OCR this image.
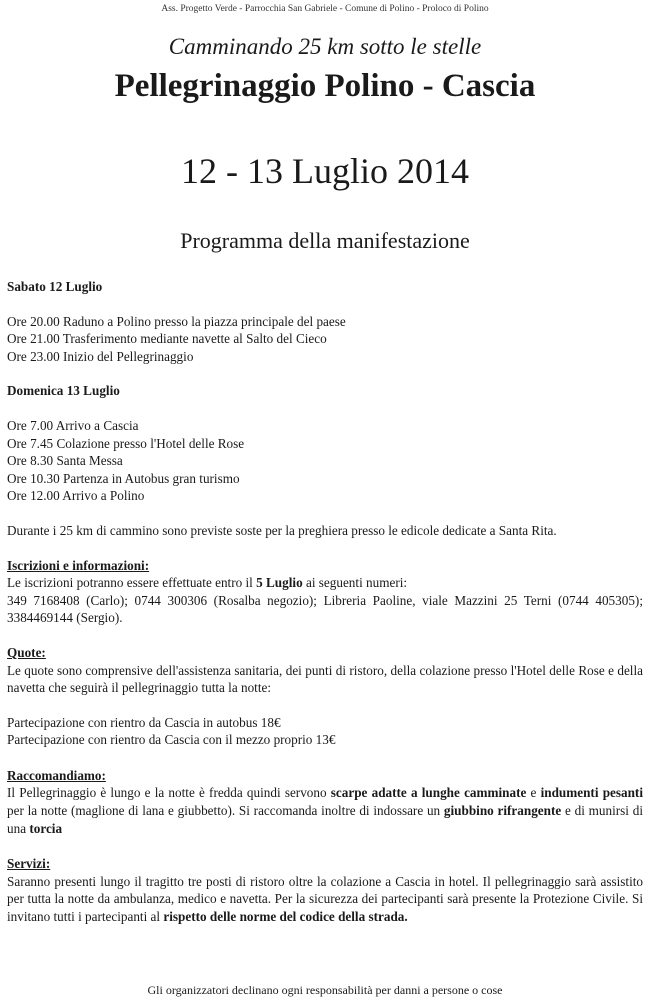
Ass. Progetto Verde - Parrocchia San Gabriele - Comune di Polino - Proloco di Polino
Camminando 25 km sotto le stelle
Pellegrinaggio Polino - Cascia
12 - 13 Luglio 2014
Programma della manifestazione

Sabato 12 Luglio

Ore 20.00 Raduno a Polino presso la piazza principale del paese

Ore 21.00 Trasferimento mediante navette al Salto del Cieco

Ore 23.00 Inizio del Pellegrinaggio

Domenica 13 Luglio

Ore 7.00 Arrivo a Cascia

Ore 7.45 Colazione presso l'Hotel delle Rose

Ore 8.30 Santa Messa

Ore 10.30 Partenza in Autobus gran turismo

Ore 12.00 Arrivo a Polino

Durante i 25 km di cammino sono previste soste per la preghiera presso le edicole dedicate a Santa Rita.

Iscrizioni e informazioni:

Le iscrizioni potranno essere effettuate entro il 5 Luglio ai seguenti numeri:

349 7168408 (Carlo); 0744 300306 (Rosalba negozio); Libreria Paoline, viale Mazzini 25 Terni (0744 405305); 3384469144 (Sergio).

Quote:

Le quote sono comprensive dell'assistenza sanitaria, dei punti di ristoro, della colazione presso l'Hotel delle Rose e della navetta che seguirà il pellegrinaggio tutta la notte:

Partecipazione con rientro da Cascia in autobus 18€

Partecipazione con rientro da Cascia con il mezzo proprio 13€

Raccomandiamo:

Il Pellegrinaggio è lungo e la notte è fredda quindi servono scarpe adatte a lunghe camminate e indumenti pesanti per la notte (maglione di lana e giubbetto). Si raccomanda inoltre di indossare un giubbino rifrangente e di munirsi di una torcia

Servizi:

Saranno presenti lungo il tragitto tre posti di ristoro oltre la colazione a Cascia in hotel. Il pellegrinaggio sarà assistito per tutta la notte da ambulanza, medico e navetta. Per la sicurezza dei partecipanti sarà presente la Protezione Civile. Si invitano tutti i partecipanti al rispetto delle norme del codice della strada.

Gli organizzatori declinano ogni responsabilità per danni a persone o cose
